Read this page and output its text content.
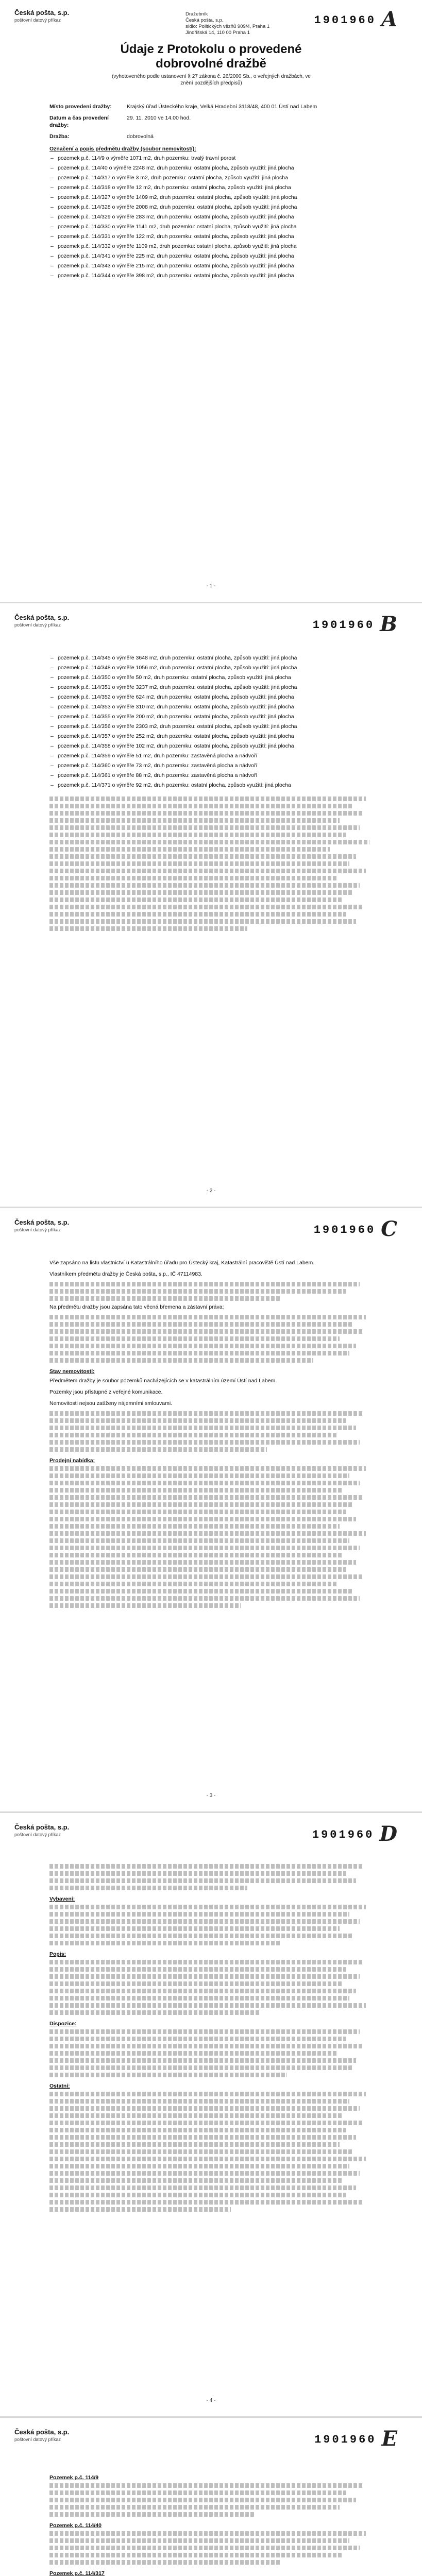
Česká pošta, s.p.
poštovní datový příkaz
Dražebník
Česká pošta, s.p.
sídlo: Politických vězňů 909/4, Praha 1
Jindřišská 14, 110 00 Praha 1
1901960 A
Údaje z Protokolu o provedené
dobrovolné dražbě
(vyhotoveného podle ustanovení § 27 zákona č. 26/2000 Sb., o veřejných dražbách, ve znění pozdějších předpisů)
Místo provedení dražby:	Krajský úřad Ústeckého kraje, Velká Hradební 3118/48, 400 01 Ústí nad Labem
Datum a čas provedení dražby:
29. 11. 2010 ve 14.00 hod.
Dražba:	dobrovolná
Označení a popis předmětu dražby (soubor nemovitostí):
– pozemek p.č. 114/9 o výměře 1071 m2, druh pozemku: trvalý travní porost
– pozemek p.č. 114/40 o výměře 2248 m2, druh pozemku: ostatní plocha, způsob využití: jiná plocha
– pozemek p.č. 114/317 o výměře 3 m2, druh pozemku: ostatní plocha, způsob využití: jiná plocha
– pozemek p.č. 114/318 o výměře 12 m2, druh pozemku: ostatní plocha, způsob využití: jiná plocha
– pozemek p.č. 114/327 o výměře 1409 m2, druh pozemku: ostatní plocha, způsob využití: jiná plocha
– pozemek p.č. 114/328 o výměře 2008 m2, druh pozemku: ostatní plocha, způsob využití: jiná plocha
– pozemek p.č. 114/329 o výměře 283 m2, druh pozemku: ostatní plocha, způsob využití: jiná plocha
– pozemek p.č. 114/330 o výměře 1141 m2, druh pozemku: ostatní plocha, způsob využití: jiná plocha
– pozemek p.č. 114/331 o výměře 122 m2, druh pozemku: ostatní plocha, způsob využití: jiná plocha
– pozemek p.č. 114/332 o výměře 1109 m2, druh pozemku: ostatní plocha, způsob využití: jiná plocha
– pozemek p.č. 114/341 o výměře 225 m2, druh pozemku: ostatní plocha, způsob využití: jiná plocha
– pozemek p.č. 114/343 o výměře 215 m2, druh pozemku: ostatní plocha, způsob využití: jiná plocha
– pozemek p.č. 114/344 o výměře 398 m2, druh pozemku: ostatní plocha, způsob využití: jiná plocha
- 1 -
Česká pošta, s.p.
poštovní datový příkaz	1901960 B
– pozemek p.č. 114/345 o výměře 3648 m2, druh pozemku: ostatní plocha, způsob využití: jiná plocha
– pozemek p.č. 114/348 o výměře 1056 m2, druh pozemku: ostatní plocha, způsob využití: jiná plocha
– pozemek p.č. 114/350 o výměře 50 m2, druh pozemku: ostatní plocha, způsob využití: jiná plocha
– pozemek p.č. 114/351 o výměře 3237 m2, druh pozemku: ostatní plocha, způsob využití: jiná plocha
– pozemek p.č. 114/352 o výměře 624 m2, druh pozemku: ostatní plocha, způsob využití: jiná plocha
– pozemek p.č. 114/353 o výměře 310 m2, druh pozemku: ostatní plocha, způsob využití: jiná plocha
– pozemek p.č. 114/355 o výměře 200 m2, druh pozemku: ostatní plocha, způsob využití: jiná plocha
– pozemek p.č. 114/356 o výměře 2303 m2, druh pozemku: ostatní plocha, způsob využití: jiná plocha
– pozemek p.č. 114/357 o výměře 252 m2, druh pozemku: ostatní plocha, způsob využití: jiná plocha
– pozemek p.č. 114/358 o výměře 102 m2, druh pozemku: ostatní plocha, způsob využití: jiná plocha
– pozemek p.č. 114/359 o výměře 51 m2, druh pozemku: zastavěná plocha a nádvoří
– pozemek p.č. 114/360 o výměře 73 m2, druh pozemku: zastavěná plocha a nádvoří
– pozemek p.č. 114/361 o výměře 88 m2, druh pozemku: zastavěná plocha a nádvoří
– pozemek p.č. 114/371 o výměře 92 m2, druh pozemku: ostatní plocha, způsob využití: jiná plocha
- 2 -
Česká pošta, s.p.
poštovní datový příkaz	1901960 C

Vše zapsáno na listu vlastnictví u Katastrálního úřadu pro Ústecký kraj, Katastrální pracoviště Ústí nad Labem.

Vlastníkem předmětu dražby je Česká pošta, s.p., IČ 47114983.

Na předmětu dražby jsou zapsána tato věcná břemena a zástavní práva:

Stav nemovitostí:

Předmětem dražby je soubor pozemků nacházejících se v katastrálním území Ústí nad Labem.

Pozemky jsou přístupné z veřejné komunikace.

Nemovitosti nejsou zatíženy nájemními smlouvami.

Prodejní nabídka:
- 3 -
Česká pošta, s.p.
poštovní datový příkaz	1901960 D
Vybavení:
Popis:
Dispozice:
Ostatní:
- 4 -
Česká pošta, s.p.
poštovní datový příkaz	1901960 E
Pozemek p.č. 114/9
Pozemek p.č. 114/40
Pozemek p.č. 114/317
